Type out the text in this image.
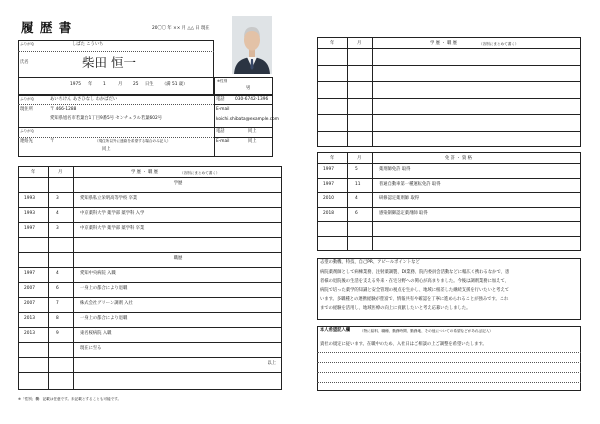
履 歴 書	20〇〇 年 ×× 月 △△ 日 現在
ふりがな	しばた こういち
氏名	柴田 恒一
1975 年 1	月 25 日生 （満 51 歳）
※性別
男
ふりがな	あいちけん あさひなし わかばだい	電話 030-6742-1396
現住所	〒 466-1288
愛知県旭名市若葉台1丁目9番5号 センチュラル若葉602号
E-mail
koichi.shibata@example.com
ふりがな	電話	同上
連絡先	〒	（現住所以外に連絡を希望する場合のみ記入）	E-mail	同上
同上
年	月	学 歴 ・ 職 歴	（各別にまとめて書く）
学歴
1993	3	愛知県私立栄明高等学校 卒業
1993	4	中京薬科大学 薬学部 薬学科 入学
1997	3	中京薬科大学 薬学部 薬学科 卒業
職歴
1997	4	愛知中央病院 入職
2007	6	一身上の都合により退職
2007	7	株式会社グリーン調剤 入社
2013	8	一身上の都合により退職
2013	9	東名桜病院 入職
現在に至る
以上
※「性別」欄：記載は任意です。未記載とすることも可能です。
年	月	学 歴 ・ 職 歴	（各別にまとめて書く）
年	月	免 許 ・ 資 格
1997	5	薬剤師免許 取得
1997	11	普通自動車第一種運転免許 取得
2010	4	研修認定薬剤師 取得
2018	6	感染制御認定薬剤師 取得
志望の動機、特技、自己PR、アピールポイントなど
病院薬剤師として病棟業務、注射薬調製、DI業務、院内委員会活動などに幅広く携わるなかで、患
者様の退院後の生活を支える外来・在宅分野への関心が高まりました。今後は調剤業務に加えて、
病院で培った薬学的知識と安全管理の視点を生かし、地域に根差した継続支援を行いたいと考えて
います。多職種との連携経験が豊富で、情報共有や確認を丁寧に進められることが強みです。これ
までの経験を活用し、地域医療の向上に貢献したいと考え応募いたしました。
本人希望記入欄	（特に給料、職種、勤務時間、勤務地、その他についての希望などがあれば記入）
貴社の規定に従います。在職中のため、入社日はご相談の上ご調整を希望いたします。
